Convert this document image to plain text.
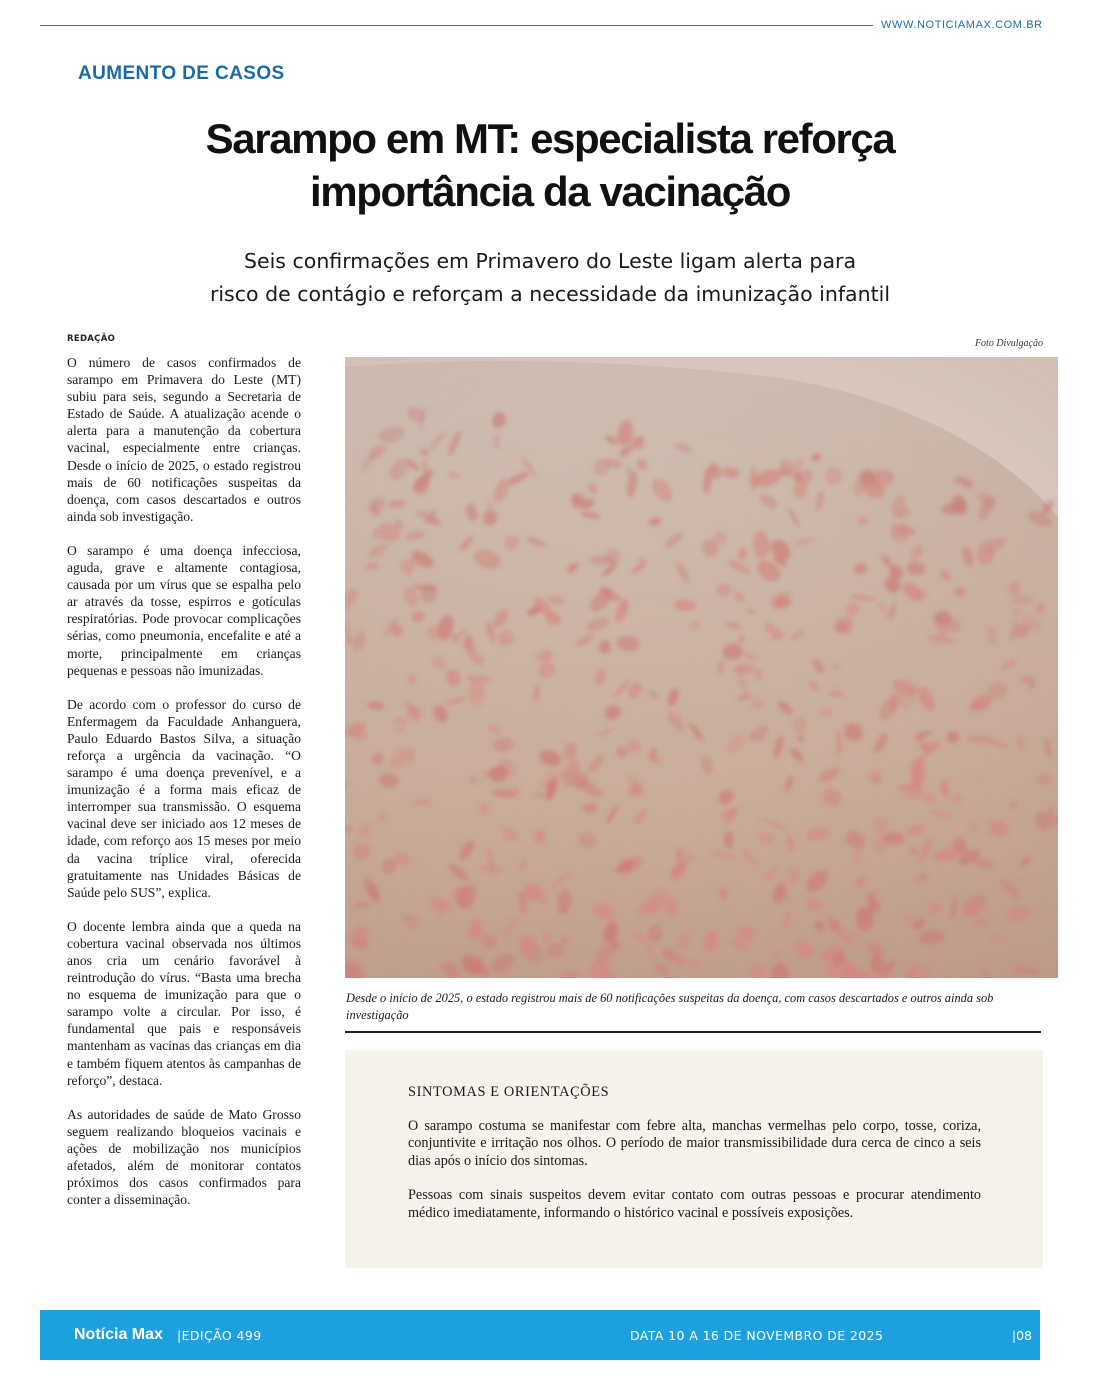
WWW.NOTICIAMAX.COM.BR
AUMENTO DE CASOS
Sarampo em MT: especialista reforça
importância da vacinação
Seis confirmações em Primavero do Leste ligam alerta para
risco de contágio e reforçam a necessidade da imunização infantil
REDAÇÃO

O número de casos confirmados de sarampo em Primavera do Leste (MT) subiu para seis, segundo a Secretaria de Estado de Saúde. A atualização acende o alerta para a manutenção da cobertura vacinal, especialmente entre crianças. Desde o início de 2025, o estado registrou mais de 60 notificações suspeitas da doença, com casos descartados e outros ainda sob investigação.

O sarampo é uma doença infecciosa, aguda, grave e altamente contagiosa, causada por um vírus que se espalha pelo ar através da tosse, espirros e gotículas respiratórias. Pode provocar complicações sérias, como pneumonia, encefalite e até a morte, principalmente em crianças pequenas e pessoas não imunizadas.

De acordo com o professor do curso de Enfermagem da Faculdade Anhanguera, Paulo Eduardo Bastos Silva, a situação reforça a urgência da vacinação. “O sarampo é uma doença prevenível, e a imunização é a forma mais eficaz de interromper sua transmissão. O esquema vacinal deve ser iniciado aos 12 meses de idade, com reforço aos 15 meses por meio da vacina tríplice viral, oferecida gratuitamente nas Unidades Básicas de Saúde pelo SUS”, explica.

O docente lembra ainda que a queda na cobertura vacinal observada nos últimos anos cria um cenário favorável à reintrodução do vírus. “Basta uma brecha no esquema de imunização para que o sarampo volte a circular. Por isso, é fundamental que pais e responsáveis mantenham as vacinas das crianças em dia e também fiquem atentos às campanhas de reforço”, destaca.

As autoridades de saúde de Mato Grosso seguem realizando bloqueios vacinais e ações de mobilização nos municípios afetados, além de monitorar contatos próximos dos casos confirmados para conter a disseminação.

Foto Divulgação
Desde o início de 2025, o estado registrou mais de 60 notificações suspeitas da doença, com casos descartados e outros ainda sob investigação
SINTOMAS E ORIENTAÇÕES

O sarampo costuma se manifestar com febre alta, manchas vermelhas pelo corpo, tosse, coriza, conjuntivite e irritação nos olhos. O período de maior transmissibilidade dura cerca de cinco a seis dias após o início dos sintomas.

Pessoas com sinais suspeitos devem evitar contato com outras pessoas e procurar atendimento médico imediatamente, informando o histórico vacinal e possíveis exposições.

Notícia Max |EDIÇÃO 499	DATA 10 A 16 DE NOVEMBRO DE 2025	|08
